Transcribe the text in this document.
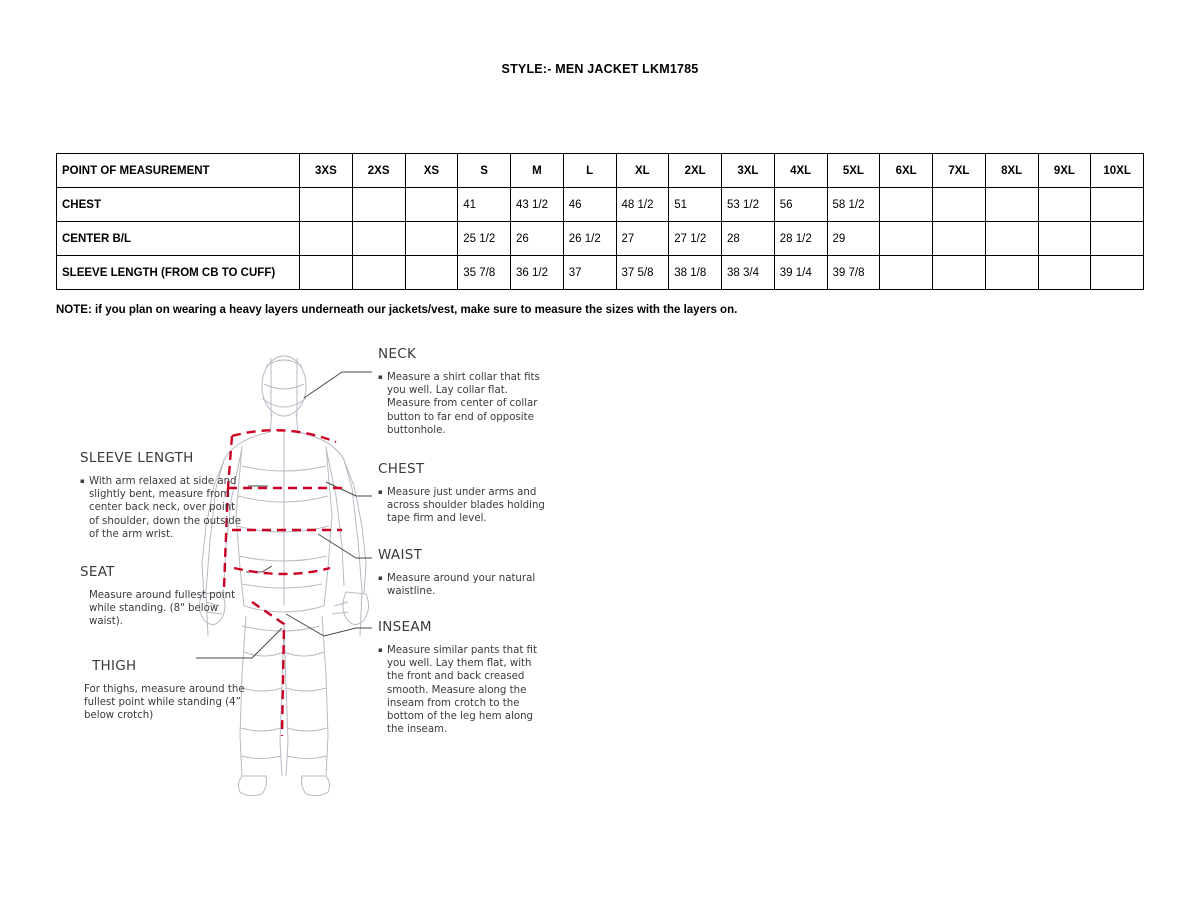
STYLE:- MEN JACKET LKM1785
POINT OF MEASUREMENT	3XS	2XS	XS	S	M	L	XL	2XL	3XL	4XL	5XL	6XL	7XL	8XL	9XL	10XL
CHEST				41	43 1/2	46	48 1/2	51	53 1/2	56	58 1/2					
CENTER B/L				25 1/2	26	26 1/2	27	27 1/2	28	28 1/2	29					
SLEEVE LENGTH (FROM CB TO CUFF)				35 7/8	36 1/2	37	37 5/8	38 1/8	38 3/4	39 1/4	39 7/8					
NOTE: if you plan on wearing a heavy layers underneath our jackets/vest, make sure to measure the sizes with the layers on.
SLEEVE LENGTH
▪ With arm relaxed at side and slightly bent, measure from center back neck, over point of shoulder, down the outside of the arm wrist.
SEAT
Measure around fullest point while standing. (8" below waist).
THIGH
For thighs, measure around the fullest point while standing (4” below crotch)
NECK
▪ Measure a shirt collar that fits you well. Lay collar flat. Measure from center of collar button to far end of opposite buttonhole.
CHEST
▪ Measure just under arms and across shoulder blades holding tape firm and level.
WAIST
▪ Measure around your natural waistline.
INSEAM
▪ Measure similar pants that fit you well. Lay them flat, with the front and back creased smooth. Measure along the inseam from crotch to the bottom of the leg hem along the inseam.
